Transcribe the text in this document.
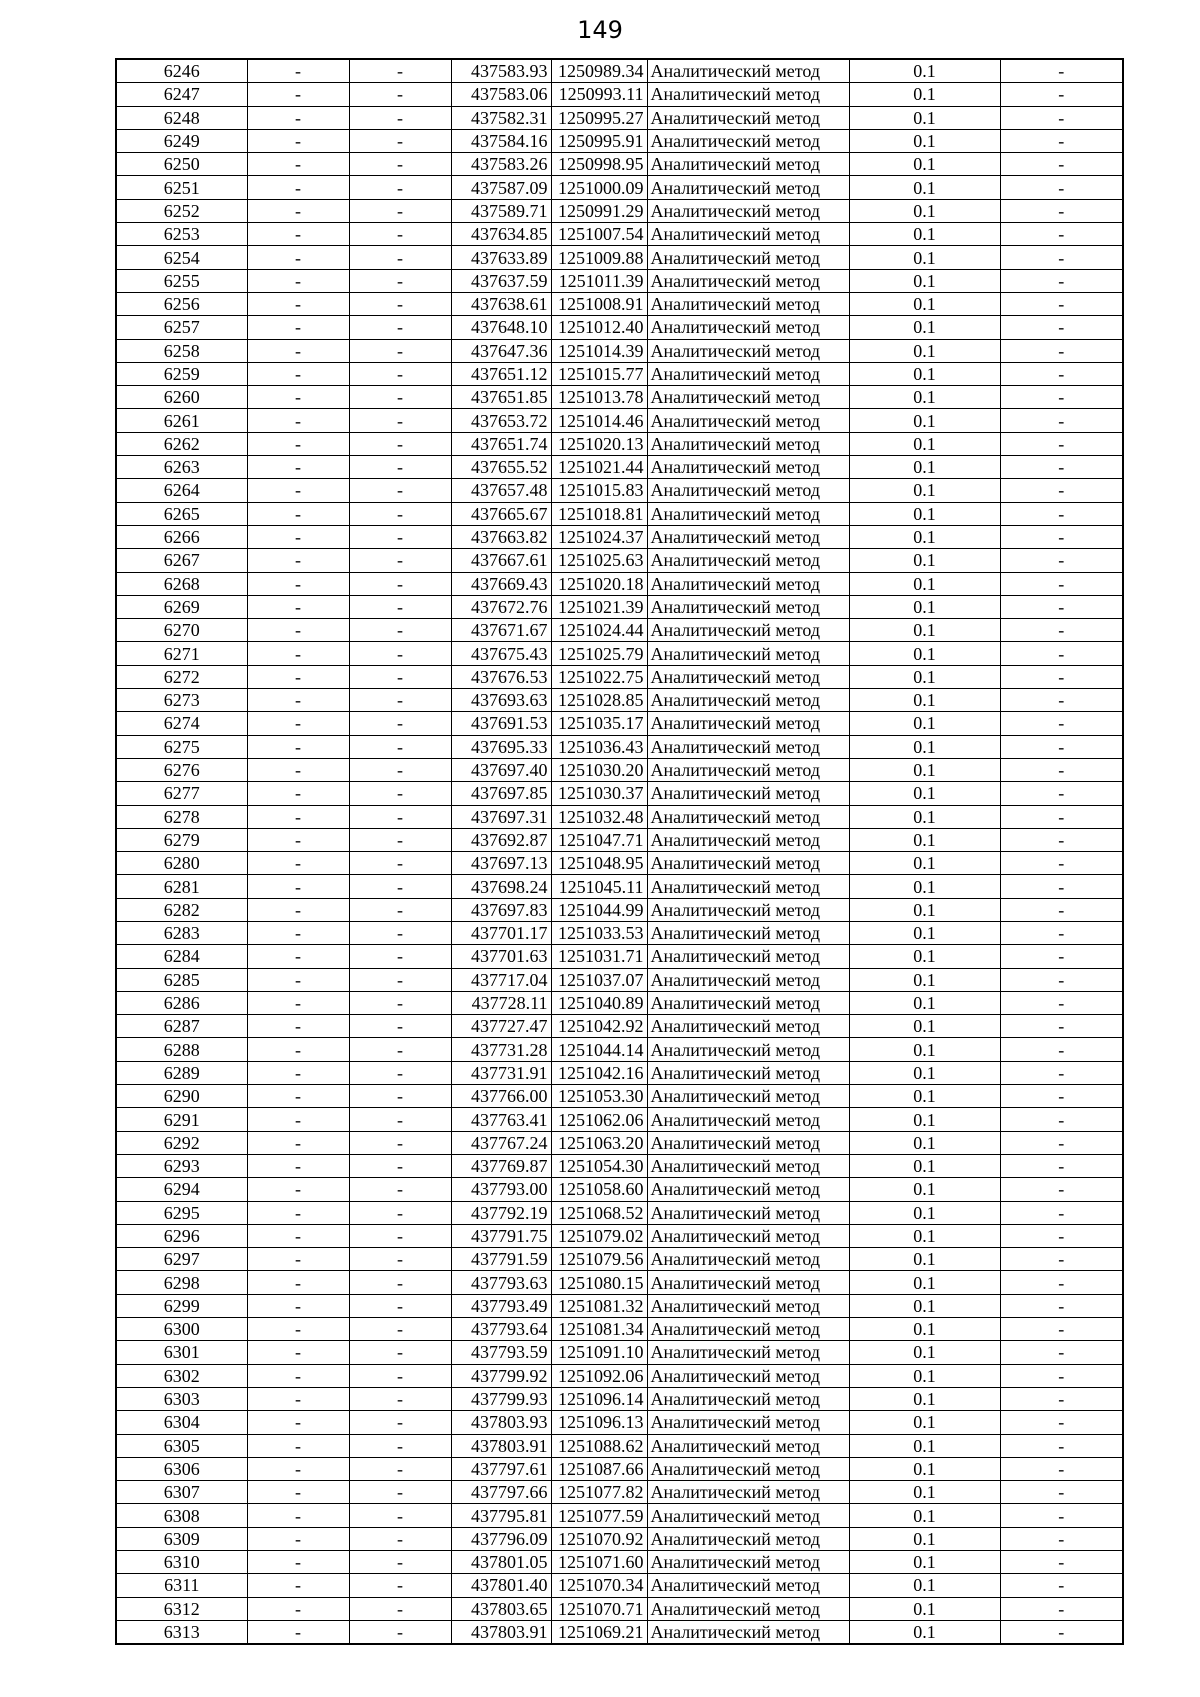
149
6246	-	-	437583.93	1250989.34	Аналитический метод	0.1	-
6247	-	-	437583.06	1250993.11	Аналитический метод	0.1	-
6248	-	-	437582.31	1250995.27	Аналитический метод	0.1	-
6249	-	-	437584.16	1250995.91	Аналитический метод	0.1	-
6250	-	-	437583.26	1250998.95	Аналитический метод	0.1	-
6251	-	-	437587.09	1251000.09	Аналитический метод	0.1	-
6252	-	-	437589.71	1250991.29	Аналитический метод	0.1	-
6253	-	-	437634.85	1251007.54	Аналитический метод	0.1	-
6254	-	-	437633.89	1251009.88	Аналитический метод	0.1	-
6255	-	-	437637.59	1251011.39	Аналитический метод	0.1	-
6256	-	-	437638.61	1251008.91	Аналитический метод	0.1	-
6257	-	-	437648.10	1251012.40	Аналитический метод	0.1	-
6258	-	-	437647.36	1251014.39	Аналитический метод	0.1	-
6259	-	-	437651.12	1251015.77	Аналитический метод	0.1	-
6260	-	-	437651.85	1251013.78	Аналитический метод	0.1	-
6261	-	-	437653.72	1251014.46	Аналитический метод	0.1	-
6262	-	-	437651.74	1251020.13	Аналитический метод	0.1	-
6263	-	-	437655.52	1251021.44	Аналитический метод	0.1	-
6264	-	-	437657.48	1251015.83	Аналитический метод	0.1	-
6265	-	-	437665.67	1251018.81	Аналитический метод	0.1	-
6266	-	-	437663.82	1251024.37	Аналитический метод	0.1	-
6267	-	-	437667.61	1251025.63	Аналитический метод	0.1	-
6268	-	-	437669.43	1251020.18	Аналитический метод	0.1	-
6269	-	-	437672.76	1251021.39	Аналитический метод	0.1	-
6270	-	-	437671.67	1251024.44	Аналитический метод	0.1	-
6271	-	-	437675.43	1251025.79	Аналитический метод	0.1	-
6272	-	-	437676.53	1251022.75	Аналитический метод	0.1	-
6273	-	-	437693.63	1251028.85	Аналитический метод	0.1	-
6274	-	-	437691.53	1251035.17	Аналитический метод	0.1	-
6275	-	-	437695.33	1251036.43	Аналитический метод	0.1	-
6276	-	-	437697.40	1251030.20	Аналитический метод	0.1	-
6277	-	-	437697.85	1251030.37	Аналитический метод	0.1	-
6278	-	-	437697.31	1251032.48	Аналитический метод	0.1	-
6279	-	-	437692.87	1251047.71	Аналитический метод	0.1	-
6280	-	-	437697.13	1251048.95	Аналитический метод	0.1	-
6281	-	-	437698.24	1251045.11	Аналитический метод	0.1	-
6282	-	-	437697.83	1251044.99	Аналитический метод	0.1	-
6283	-	-	437701.17	1251033.53	Аналитический метод	0.1	-
6284	-	-	437701.63	1251031.71	Аналитический метод	0.1	-
6285	-	-	437717.04	1251037.07	Аналитический метод	0.1	-
6286	-	-	437728.11	1251040.89	Аналитический метод	0.1	-
6287	-	-	437727.47	1251042.92	Аналитический метод	0.1	-
6288	-	-	437731.28	1251044.14	Аналитический метод	0.1	-
6289	-	-	437731.91	1251042.16	Аналитический метод	0.1	-
6290	-	-	437766.00	1251053.30	Аналитический метод	0.1	-
6291	-	-	437763.41	1251062.06	Аналитический метод	0.1	-
6292	-	-	437767.24	1251063.20	Аналитический метод	0.1	-
6293	-	-	437769.87	1251054.30	Аналитический метод	0.1	-
6294	-	-	437793.00	1251058.60	Аналитический метод	0.1	-
6295	-	-	437792.19	1251068.52	Аналитический метод	0.1	-
6296	-	-	437791.75	1251079.02	Аналитический метод	0.1	-
6297	-	-	437791.59	1251079.56	Аналитический метод	0.1	-
6298	-	-	437793.63	1251080.15	Аналитический метод	0.1	-
6299	-	-	437793.49	1251081.32	Аналитический метод	0.1	-
6300	-	-	437793.64	1251081.34	Аналитический метод	0.1	-
6301	-	-	437793.59	1251091.10	Аналитический метод	0.1	-
6302	-	-	437799.92	1251092.06	Аналитический метод	0.1	-
6303	-	-	437799.93	1251096.14	Аналитический метод	0.1	-
6304	-	-	437803.93	1251096.13	Аналитический метод	0.1	-
6305	-	-	437803.91	1251088.62	Аналитический метод	0.1	-
6306	-	-	437797.61	1251087.66	Аналитический метод	0.1	-
6307	-	-	437797.66	1251077.82	Аналитический метод	0.1	-
6308	-	-	437795.81	1251077.59	Аналитический метод	0.1	-
6309	-	-	437796.09	1251070.92	Аналитический метод	0.1	-
6310	-	-	437801.05	1251071.60	Аналитический метод	0.1	-
6311	-	-	437801.40	1251070.34	Аналитический метод	0.1	-
6312	-	-	437803.65	1251070.71	Аналитический метод	0.1	-
6313	-	-	437803.91	1251069.21	Аналитический метод	0.1	-
